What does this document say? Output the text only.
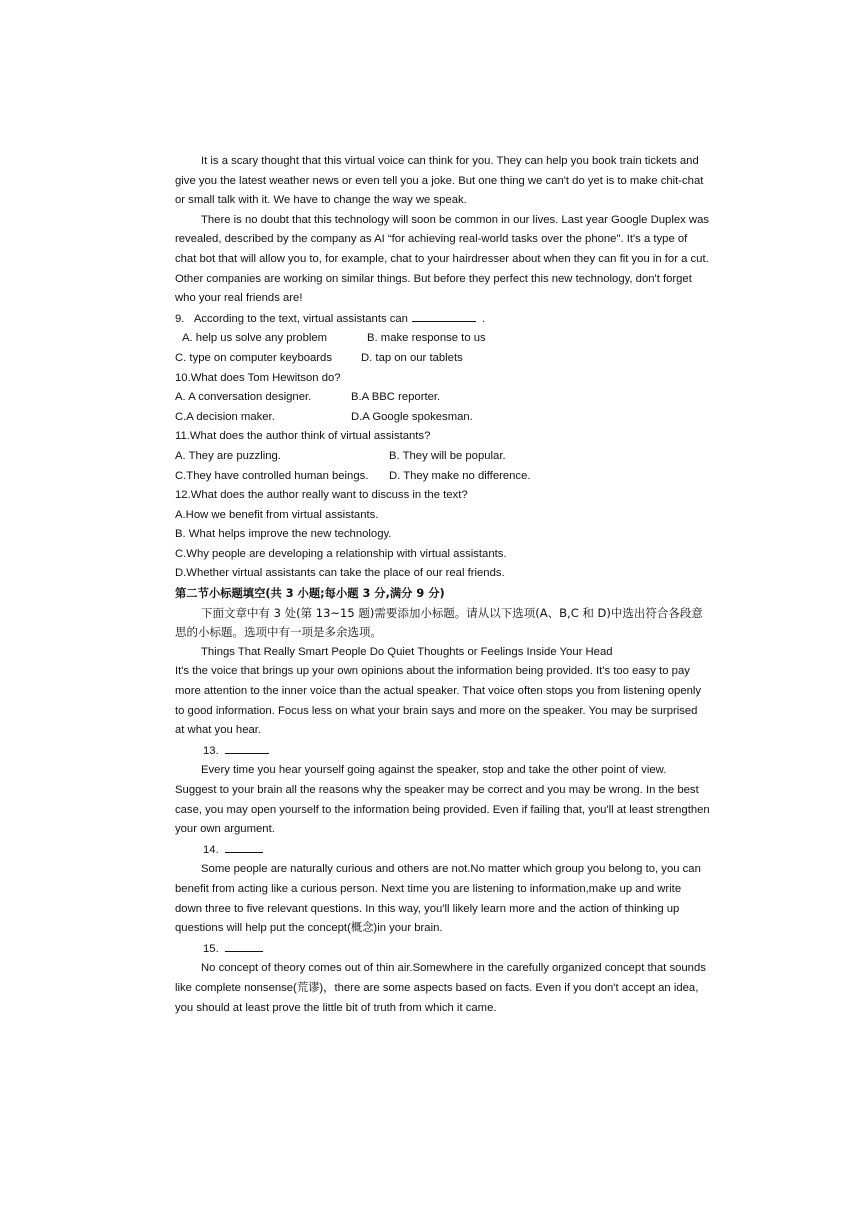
It is a scary thought that this virtual voice can think for you. They can help you book train tickets and give you the latest weather news or even tell you a joke. But one thing we can't do yet is to make chit-chat or small talk with it. We have to change the way we speak.

There is no doubt that this technology will soon be common in our lives. Last year Google Duplex was revealed, described by the company as AI “for achieving real-world tasks over the phone". It's a type of chat bot that will allow you to, for example, chat to your hairdresser about when they can fit you in for a cut. Other companies are working on similar things. But before they perfect this new technology, don't forget who your real friends are!

9.   According to the text, virtual assistants can	.
A. help us solve any problem	B. make response to us
C. type on computer keyboards	D. tap on our tablets
10.What does Tom Hewitson do?
A. A conversation designer.	B.A BBC reporter.
C.A decision maker.	D.A Google spokesman.
11.What does the author think of virtual assistants?
A. They are puzzling.	B. They will be popular.
C.They have controlled human beings.	D. They make no difference.
12.What does the author really want to discuss in the text?
A.How we benefit from virtual assistants.
B. What helps improve the new technology.
C.Why people are developing a relationship with virtual assistants.
D.Whether virtual assistants can take the place of our real friends.
第二节小标题填空(共 3 小题;每小题 3 分,满分 9 分)

下面文章中有 3 处(第 13~15 题)需要添加小标题。请从以下选项(A、B,C 和 D)中选出符合各段意思的小标题。选项中有一项是多余选项。

Things That Really Smart People Do Quiet Thoughts or Feelings Inside Your Head

It's the voice that brings up your own opinions about the information being provided. It's too easy to pay more attention to the inner voice than the actual speaker. That voice often stops you from listening openly to good information. Focus less on what your brain says and more on the speaker. You may be surprised at what you hear.

13.

Every time you hear yourself going against the speaker, stop and take the other point of view. Suggest to your brain all the reasons why the speaker may be correct and you may be wrong. In the best case, you may open yourself to the information being provided. Even if failing that, you'll at least strengthen your own argument.

14.

Some people are naturally curious and others are not.No matter which group you belong to, you can benefit from acting like a curious person. Next time you are listening to information,make up and write down three to five relevant questions. In this way, you'll likely learn more and the action of thinking up questions will help put the concept(概念)in your brain.

15.

No concept of theory comes out of thin air.Somewhere in the carefully organized concept that sounds like complete nonsense(荒谬)，there are some aspects based on facts. Even if you don't accept an idea, you should at least prove the little bit of truth from which it came.
